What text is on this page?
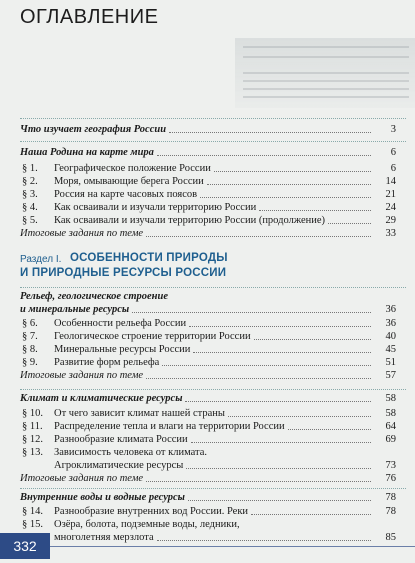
ОГЛАВЛЕНИЕ
Что изучает география России	3
Наша Родина на карте мира	6
§ 1.	Географическое положение России	6
§ 2.	Моря, омывающие берега России	14
§ 3.	Россия на карте часовых поясов	21
§ 4.	Как осваивали и изучали территорию России	24
§ 5.	Как осваивали и изучали территорию России (продолжение)	29
Итоговые задания по теме	33
Раздел I. ОСОБЕННОСТИ ПРИРОДЫ
И ПРИРОДНЫЕ РЕСУРСЫ РОССИИ
Рельеф, геологическое строение
и минеральные ресурсы	36
§ 6.	Особенности рельефа России	36
§ 7.	Геологическое строение территории России	40
§ 8.	Минеральные ресурсы России	45
§ 9.	Развитие форм рельефа	51
Итоговые задания по теме	57
Климат и климатические ресурсы	58
§ 10.	От чего зависит климат нашей страны	58
§ 11.	Распределение тепла и влаги на территории России	64
§ 12.	Разнообразие климата России	69
§ 13.	Зависимость человека от климата.
Агроклиматические ресурсы	73
Итоговые задания по теме	76
Внутренние воды и водные ресурсы	78
§ 14.	Разнообразие внутренних вод России. Реки	78
§ 15.	Озёра, болота, подземные воды, ледники,
многолетняя мерзлота	85
332
